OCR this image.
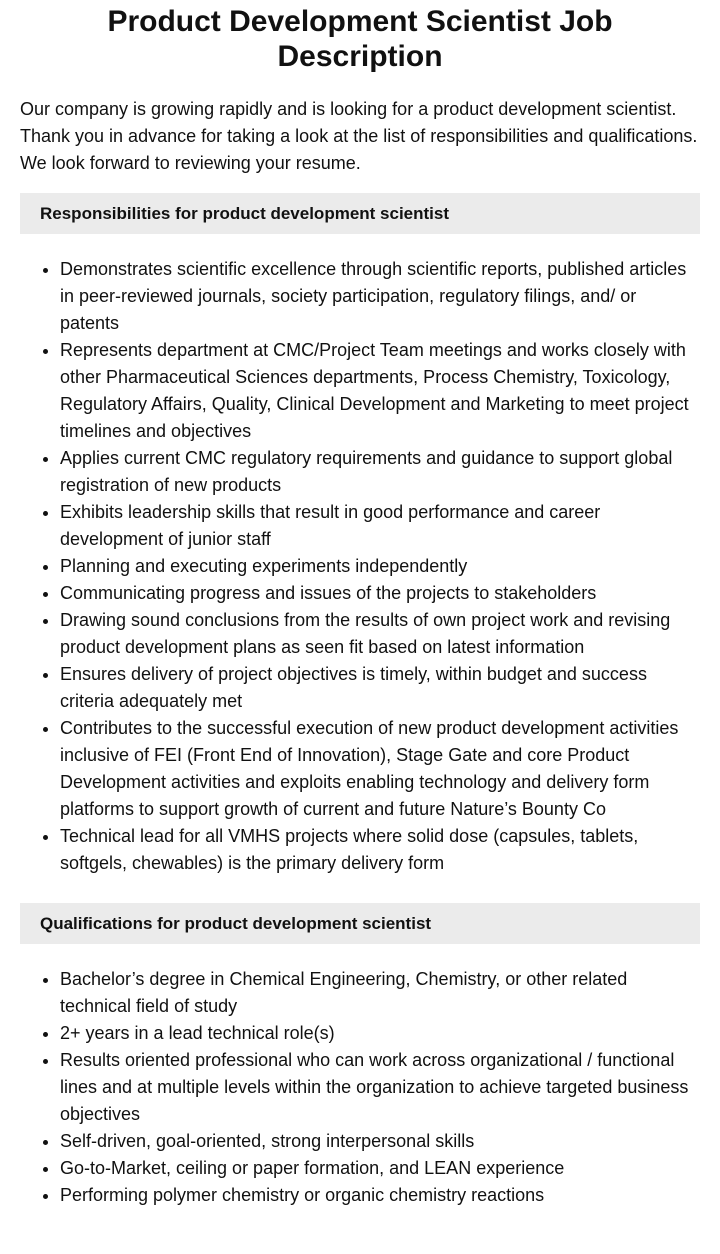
Product Development Scientist Job Description

Our company is growing rapidly and is looking for a product development scientist. Thank you in advance for taking a look at the list of responsibilities and qualifications. We look forward to reviewing your resume.

Responsibilities for product development scientist
• Demonstrates scientific excellence through scientific reports, published articles in peer-reviewed journals, society participation, regulatory filings, and/ or patents
• Represents department at CMC/Project Team meetings and works closely with other Pharmaceutical Sciences departments, Process Chemistry, Toxicology, Regulatory Affairs, Quality, Clinical Development and Marketing to meet project timelines and objectives
• Applies current CMC regulatory requirements and guidance to support global registration of new products
• Exhibits leadership skills that result in good performance and career development of junior staff
• Planning and executing experiments independently
• Communicating progress and issues of the projects to stakeholders
• Drawing sound conclusions from the results of own project work and revising product development plans as seen fit based on latest information
• Ensures delivery of project objectives is timely, within budget and success criteria adequately met
• Contributes to the successful execution of new product development activities inclusive of FEI (Front End of Innovation), Stage Gate and core Product Development activities and exploits enabling technology and delivery form platforms to support growth of current and future Nature’s Bounty Co
• Technical lead for all VMHS projects where solid dose (capsules, tablets, softgels, chewables) is the primary delivery form
Qualifications for product development scientist
• Bachelor’s degree in Chemical Engineering, Chemistry, or other related technical field of study
• 2+ years in a lead technical role(s)
• Results oriented professional who can work across organizational / functional lines and at multiple levels within the organization to achieve targeted business objectives
• Self-driven, goal-oriented, strong interpersonal skills
• Go-to-Market, ceiling or paper formation, and LEAN experience
• Performing polymer chemistry or organic chemistry reactions
